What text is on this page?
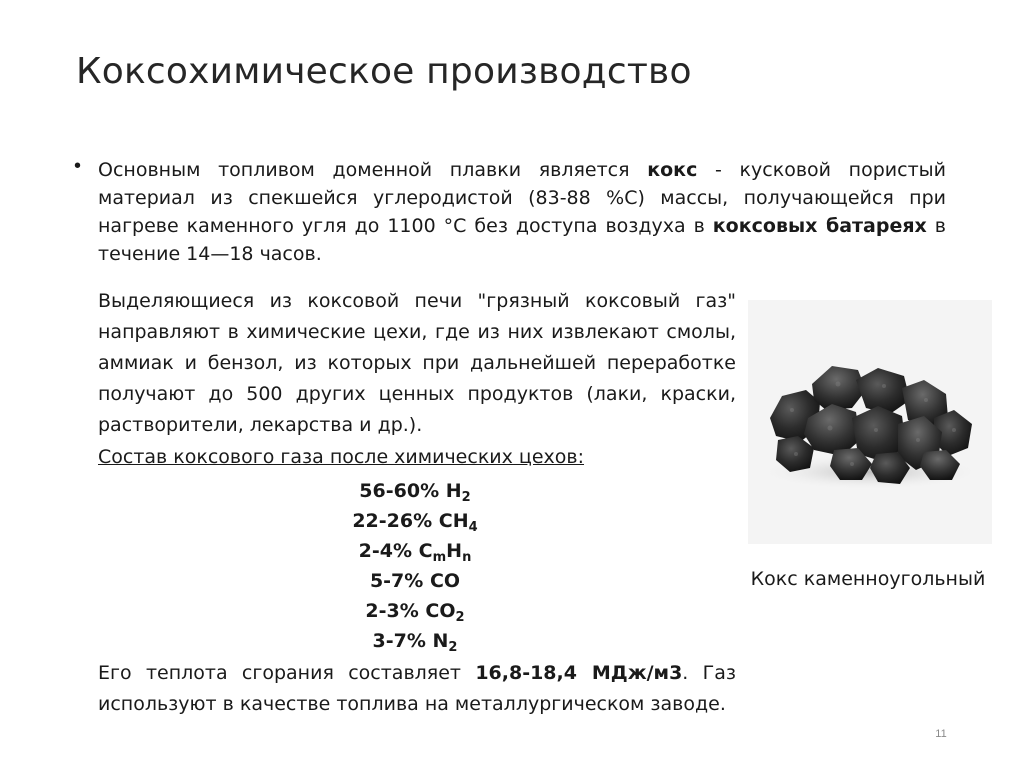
Коксохимическое производство
• Основным топливом доменной плавки является кокс - кусковой пористый материал из спекшейся углеродистой (83-88 %С) массы, получающейся при нагреве каменного угля до 1100 °С без доступа воздуха в коксовых батареях в течение 14—18 часов.

Выделяющиеся из коксовой печи "грязный коксовый газ" направляют в химические цехи, где из них извлекают смолы, аммиак и бензол, из которых при дальнейшей переработке получают до 500 других ценных продуктов (лаки, краски, растворители, лекарства и др.).

Состав коксового газа после химических цехов:

56-60% $H_2$
22-26% $CH_4$
2-4% $C_mH_n$
5-7% CO
2-3% $CO_2$
3-7% $N_2$

Его теплота сгорания составляет 16,8-18,4 МДж/м3. Газ используют в качестве топлива на металлургическом заводе.

Кокс каменноугольный

11
